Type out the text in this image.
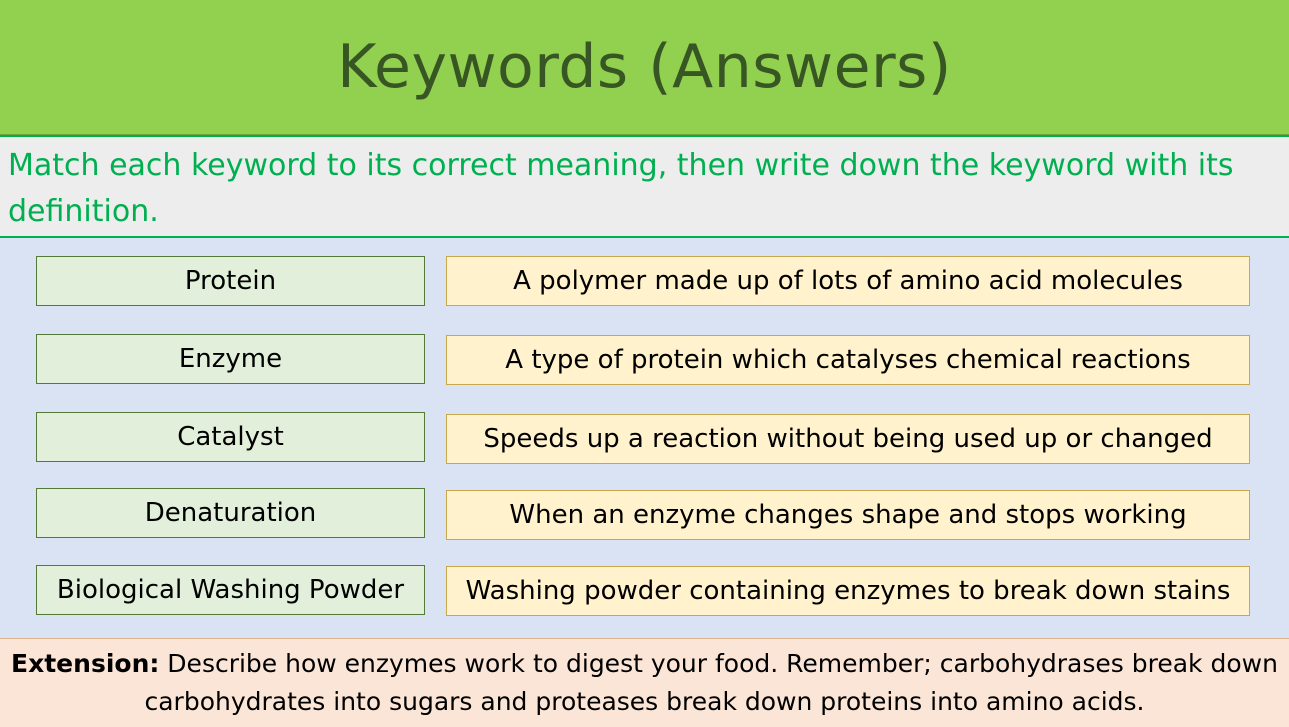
Keywords (Answers)

Match each keyword to its correct meaning, then write down the keyword with its definition.

Protein	A polymer made up of lots of amino acid molecules
Enzyme	A type of protein which catalyses chemical reactions
Catalyst	Speeds up a reaction without being used up or changed
Denaturation	When an enzyme changes shape and stops working
Biological Washing Powder	Washing powder containing enzymes to break down stains

Extension: Describe how enzymes work to digest your food. Remember; carbohydrases break down carbohydrates into sugars and proteases break down proteins into amino acids.
